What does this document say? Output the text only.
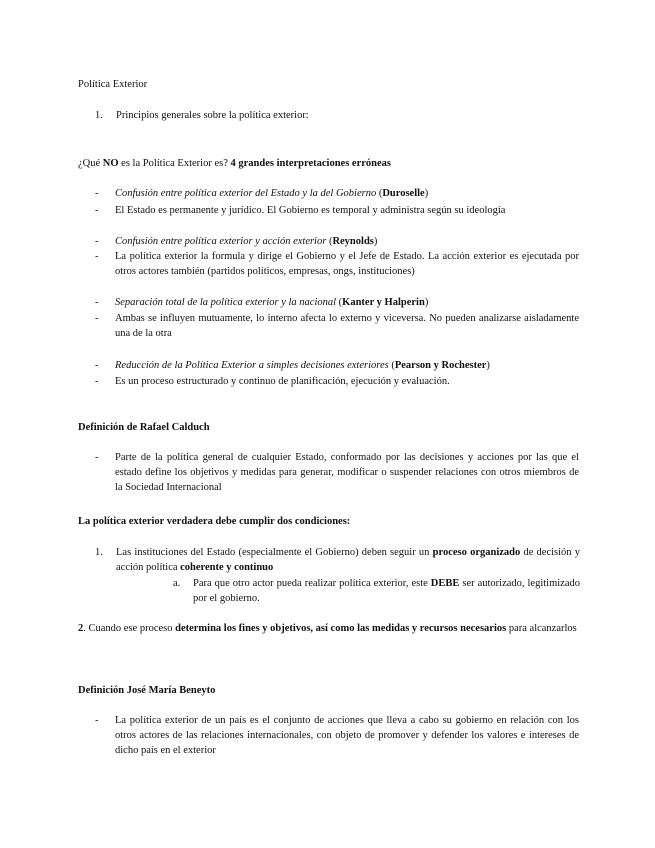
Política Exterior
1. Principios generales sobre la política exterior:
¿Qué NO es la Política Exterior es? 4 grandes interpretaciones erróneas
-	Confusión entre política exterior del Estado y la del Gobierno (Duroselle)
-	El Estado es permanente y jurídico. El Gobierno es temporal y administra según su ideología
-	Confusión entre política exterior y acción exterior (Reynolds)
-	La política exterior la formula y dirige el Gobierno y el Jefe de Estado. La acción exterior es ejecutada por otros actores también (partidos políticos, empresas, ongs, instituciones)
-	Separación total de la política exterior y la nacional (Kanter y Halperin)
-	Ambas se influyen mutuamente, lo interno afecta lo externo y viceversa. No pueden analizarse aisladamente una de la otra
-	Reducción de la Política Exterior a simples decisiones exteriores (Pearson y Rochester)
-	Es un proceso estructurado y continuo de planificación, ejecución y evaluación.
Definición de Rafael Calduch
-	Parte de la política general de cualquier Estado, conformado por las decisiones y acciones por las que el estado define los objetivos y medidas para generar, modificar o suspender relaciones con otros miembros de la Sociedad Internacional
La política exterior verdadera debe cumplir dos condiciones:
1. Las instituciones del Estado (especialmente el Gobierno) deben seguir un proceso organizado de decisión y acción política coherente y continuo
a. Para que otro actor pueda realizar política exterior, este DEBE ser autorizado, legitimizado por el gobierno.
2. Cuando ese proceso determina los fines y objetivos, así como las medidas y recursos necesarios para alcanzarlos
Definición José María Beneyto
-	La política exterior de un país es el conjunto de acciones que lleva a cabo su gobierno en relación con los otros actores de las relaciones internacionales, con objeto de promover y defender los valores e intereses de dicho país en el exterior
